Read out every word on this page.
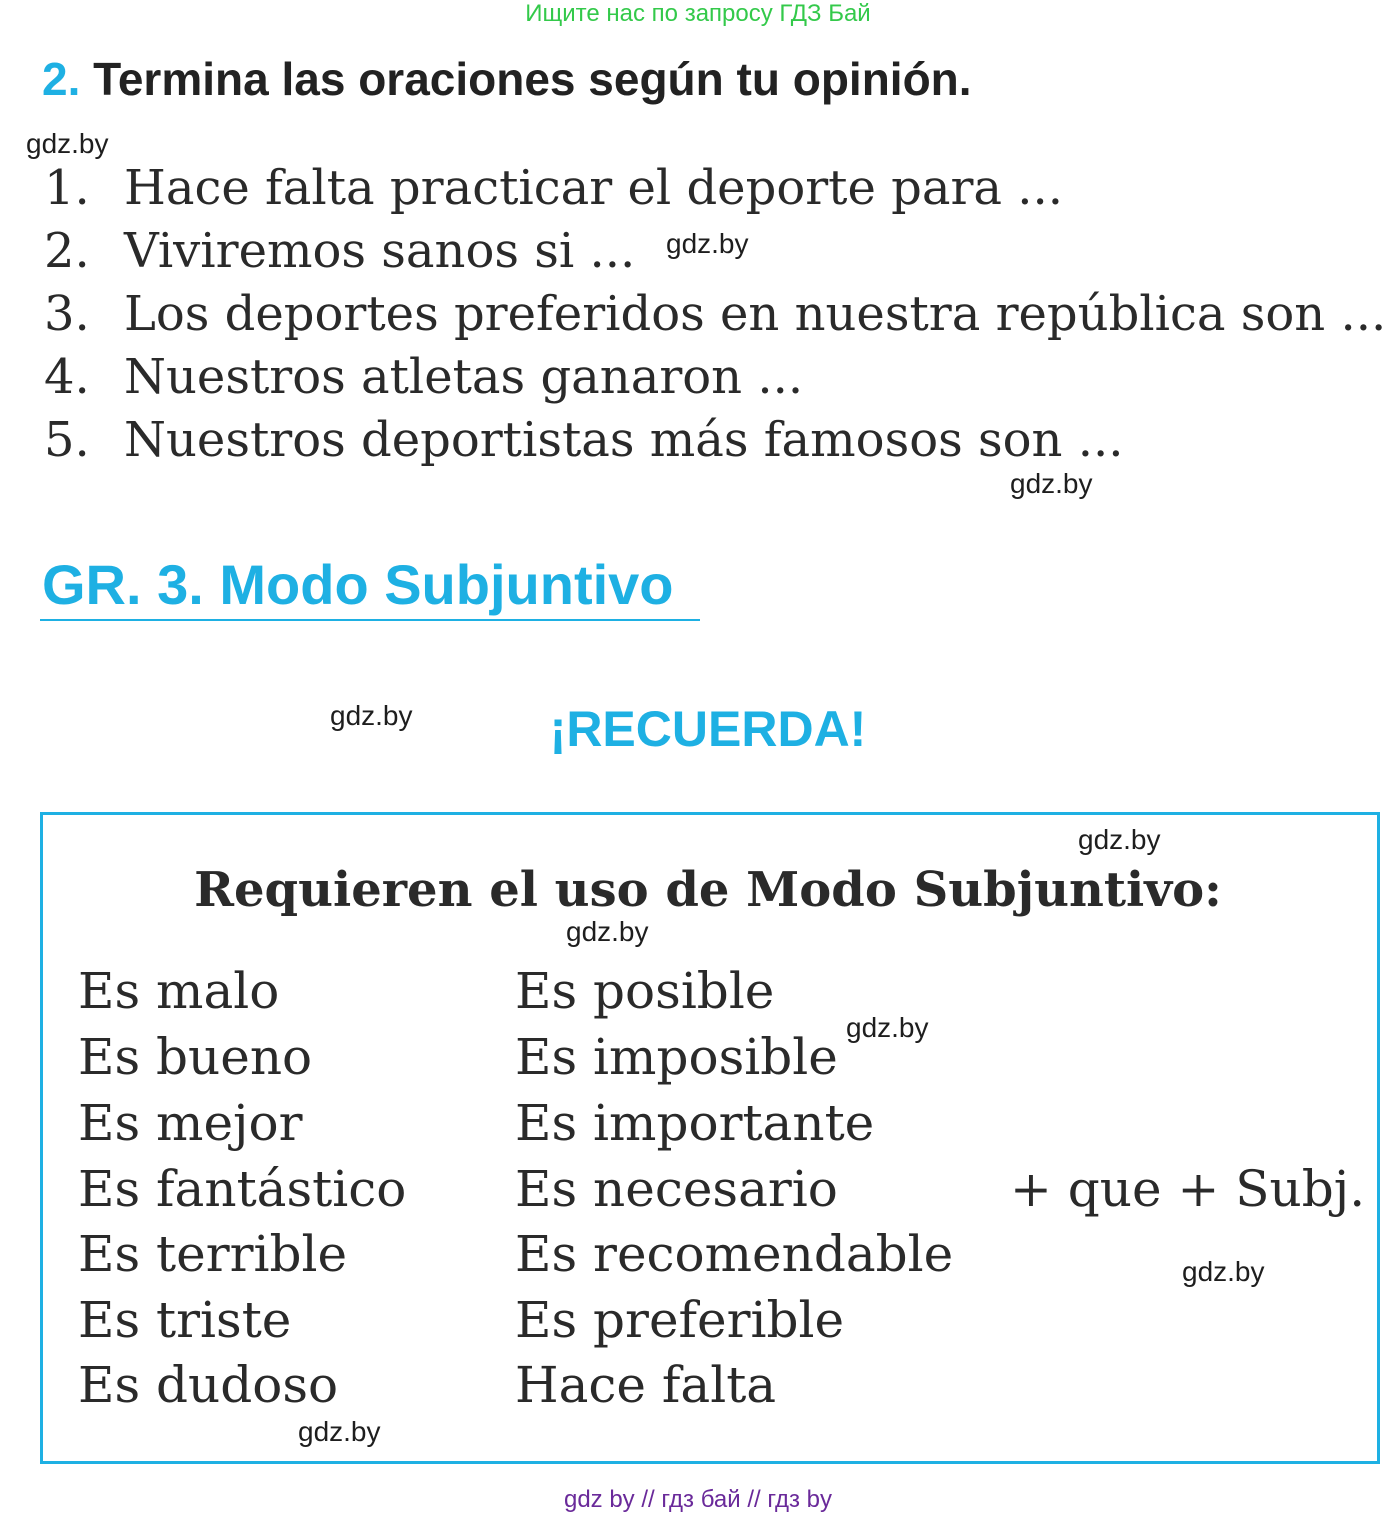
Ищите нас по запросу ГДЗ Бай
2. Termina las oraciones según tu opinión.
gdz.by
1. Hace falta practicar el deporte para ...
2. Viviremos sanos si ... gdz.by
3. Los deportes preferidos en nuestra república son ...
4. Nuestros atletas ganaron ...
5. Nuestros deportistas más famosos son ...
gdz.by
GR. 3. Modo Subjuntivo
gdz.by	¡RECUERDA!
gdz.by
Requieren el uso de Modo Subjuntivo:
gdz.by
Es malo
Es bueno
Es mejor
Es fantástico
Es terrible
Es triste
Es dudoso
Es posible
Es imposible
Es importante
Es necesario
Es recomendable
Es preferible
Hace falta
gdz.by
+ que + Subj.
gdz.by
gdz.by
gdz by // гдз бай // гдз by
